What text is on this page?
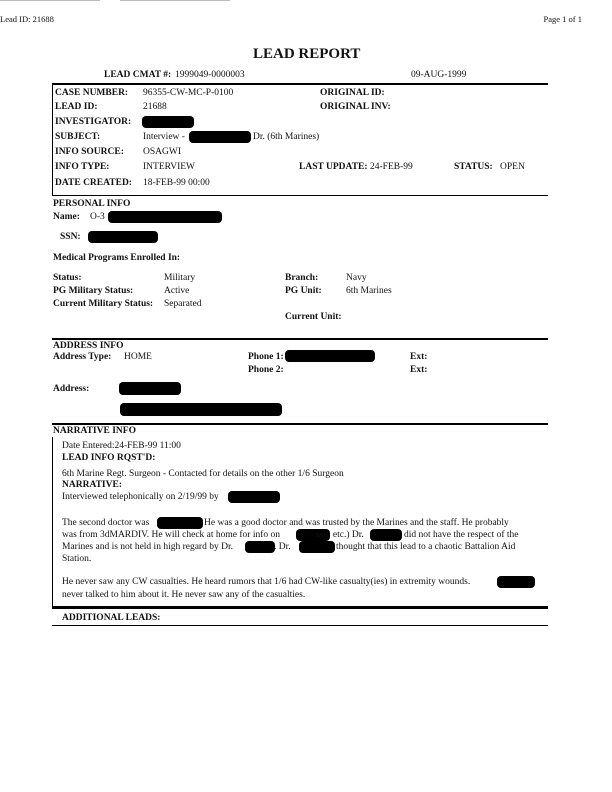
Lead ID: 21688	Page 1 of 1
LEAD REPORT
LEAD CMAT #: 1999049-0000003	09-AUG-1999
CASE NUMBER: 96355-CW-MC-P-0100	ORIGINAL ID:
LEAD ID:	21688	ORIGINAL INV:
INVESTIGATOR:
SUBJECT:	Interview -	Dr. (6th Marines)
INFO SOURCE: OSAGWI
INFO TYPE:	INTERVIEW	LAST UPDATE: 24-FEB-99	STATUS: OPEN
DATE CREATED: 18-FEB-99 00:00
PERSONAL INFO
Name: O-3
SSN:
Medical Programs Enrolled In:
Status:	Military	Branch:	Navy
PG Military Status:	Active	PG Unit:	6th Marines
Current Military Status: Separated
Current Unit:
ADDRESS INFO
Address Type: HOME	Phone 1:	Ext:
Phone 2:	Ext:
Address:
NARRATIVE INFO
Date Entered:24-FEB-99 11:00
LEAD INFO RQST'D:
6th Marine Regt. Surgeon - Contacted for details on the other 1/6 Surgeon
NARRATIVE:
Interviewed telephonically on 2/19/99 by
The second doctor was	He was a good doctor and was trusted by the Marines and the staff. He probably
was from 3dMARDIV. He will check at home for info on	ssn, etc.) Dr.	did not have the respect of the
Marines and is not held in high regard by Dr.	. Dr.	thought that this lead to a chaotic Battalion Aid
Station.
He never saw any CW casualties. He heard rumors that 1/6 had CW-like casualty(ies) in extremity wounds.
never talked to him about it. He never saw any of the casualties.
ADDITIONAL LEADS:
